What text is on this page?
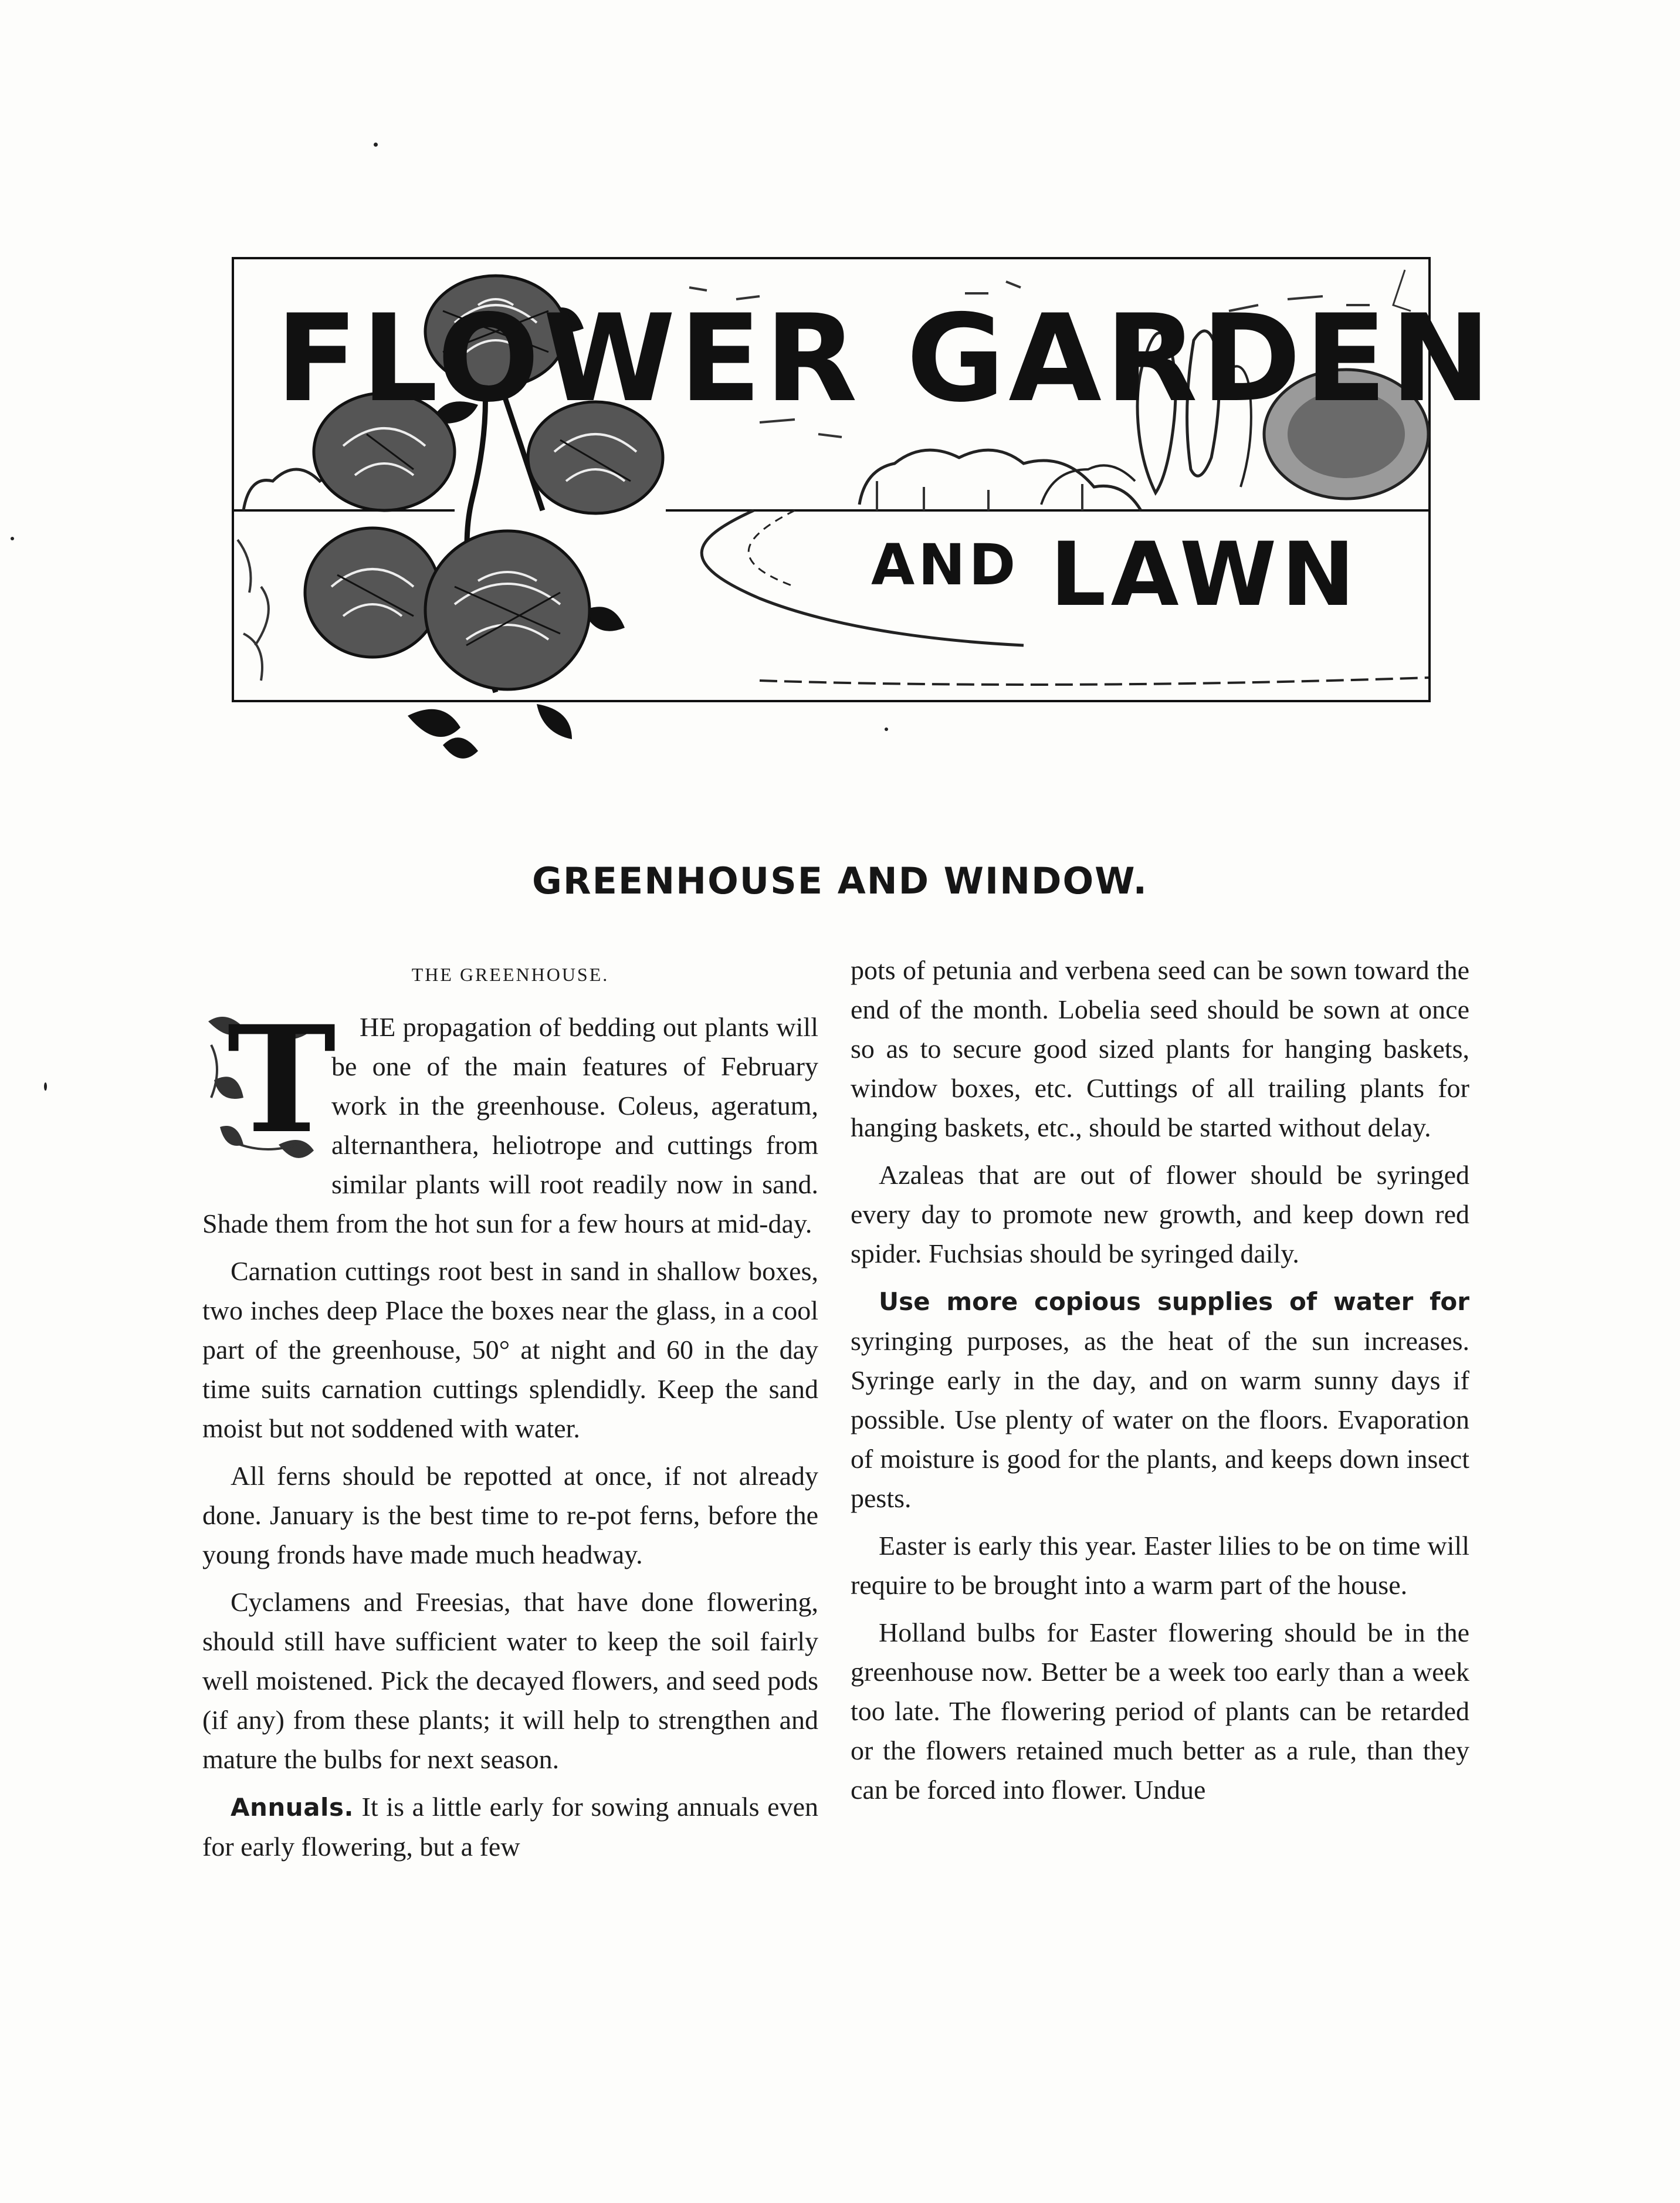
FLOWER GARDEN
AND LAWN
GREENHOUSE AND WINDOW.
THE GREENHOUSE.
T HE propagation of bedding out plants will be one of the main features of February work in the greenhouse. Coleus, ageratum, alternanthera, heliotrope and cuttings from similar plants will root readily now in sand. Shade them from the hot sun for a few hours at mid-day.

Carnation cuttings root best in sand in shallow boxes, two inches deep Place the boxes near the glass, in a cool part of the greenhouse, 50° at night and 60 in the day time suits carnation cuttings splendidly. Keep the sand moist but not soddened with water.

All ferns should be repotted at once, if not already done. January is the best time to re-pot ferns, before the young fronds have made much headway.

Cyclamens and Freesias, that have done flowering, should still have sufficient water to keep the soil fairly well moistened. Pick the decayed flowers, and seed pods (if any) from these plants; it will help to strengthen and mature the bulbs for next season.

Annuals. It is a little early for sowing annuals even for early flowering, but a few

pots of petunia and verbena seed can be sown toward the end of the month. Lobelia seed should be sown at once so as to secure good sized plants for hanging baskets, window boxes, etc. Cuttings of all trailing plants for hanging baskets, etc., should be started without delay.

Azaleas that are out of flower should be syringed every day to promote new growth, and keep down red spider. Fuchsias should be syringed daily.

Use more copious supplies of water for syringing purposes, as the heat of the sun increases. Syringe early in the day, and on warm sunny days if possible. Use plenty of water on the floors. Evaporation of moisture is good for the plants, and keeps down insect pests.

Easter is early this year. Easter lilies to be on time will require to be brought into a warm part of the house.

Holland bulbs for Easter flowering should be in the greenhouse now. Better be a week too early than a week too late. The flowering period of plants can be retarded or the flowers retained much better as a rule, than they can be forced into flower. Undue
